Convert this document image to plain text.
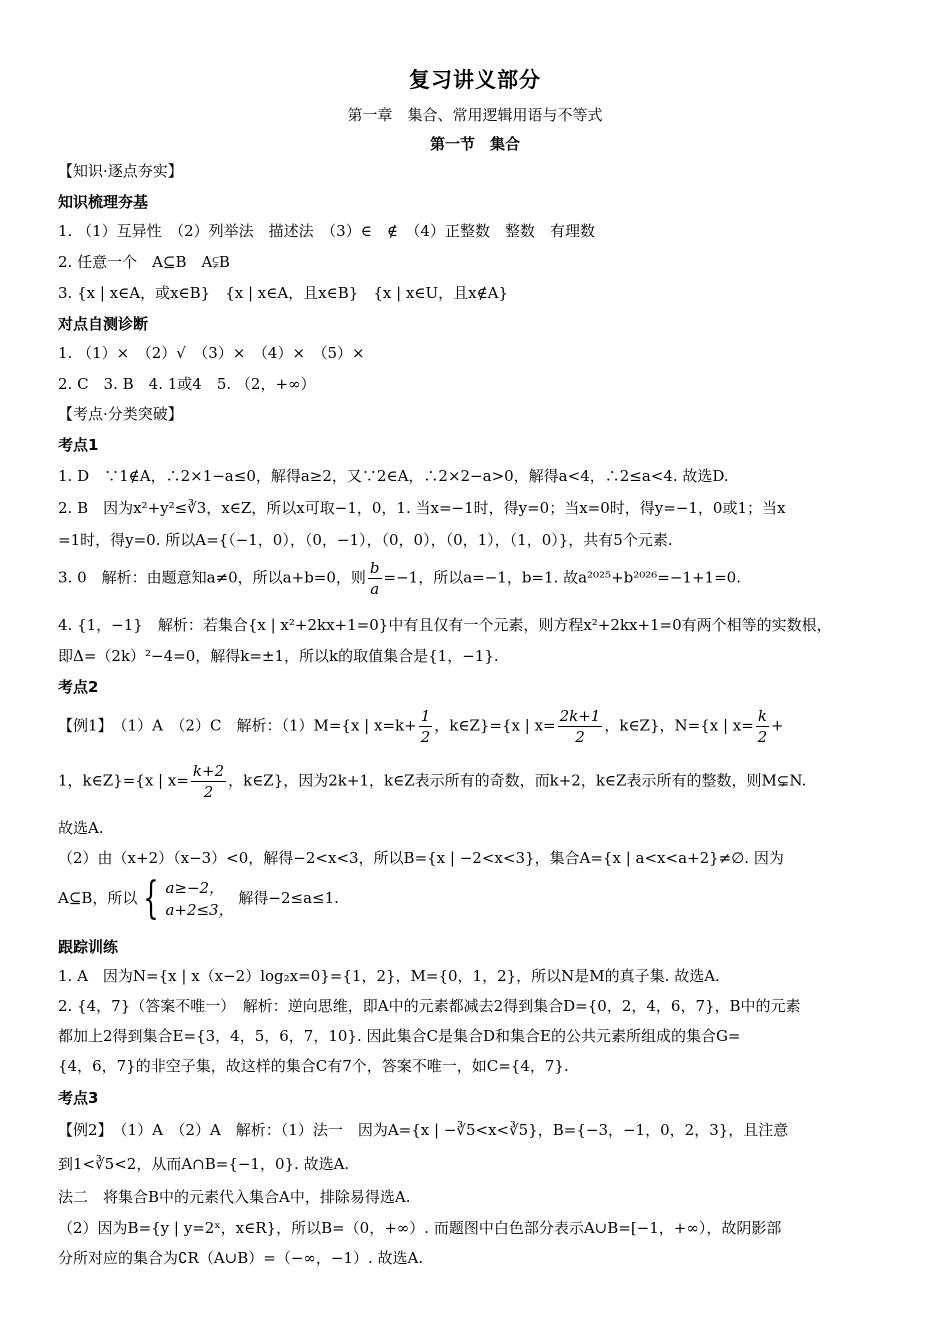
复习讲义部分
第一章　集合、常用逻辑用语与不等式
第一节　集合
【知识·逐点夯实】
知识梳理夯基
1. （1）互异性　（2）列举法　描述法　（3）∈　∉　（4）正整数　整数　有理数
2. 任意一个　A⊆B　A⫋B
3. {x | x∈A，或x∈B}　{x | x∈A，且x∈B}　{x | x∈U，且x∉A}
对点自测诊断
1. （1）×　（2）√　（3）×　（4）×　（5）×
2. C　3. B　4. 1或4　5. （2，+∞）
【考点·分类突破】
考点1
1. D　∵1∉A，∴2×1−a≤0，解得a≥2，又∵2∈A，∴2×2−a>0，解得a<4，∴2≤a<4. 故选D.
2. B　因为x²+y²≤∛3，x∈Z，所以x可取−1，0，1. 当x=−1时，得y=0；当x=0时，得y=−1，0或1；当x
=1时，得y=0. 所以A={（−1，0），（0，−1），（0，0），（0，1），（1，0）}，共有5个元素.
3. 0　解析：由题意知a≠0，所以a+b=0，则 $\frac{b}{a} =-1$，所以a=−1，b=1. 故a²⁰²⁵+b²⁰²⁶=−1+1=0.
4. {1，−1}　解析：若集合{x | x²+2kx+1=0}中有且仅有一个元素，则方程x²+2kx+1=0有两个相等的实数根，
即Δ=（2k）²−4=0，解得k=±1，所以k的取值集合是{1，−1}.
考点2
【例1】　（1）A　（2）C　解析：（1）M={x | $x=k+ \frac{1}{2}$ ，k∈Z}={x | $x= \frac{2k+1}{2}$ ，k∈Z}，N={x | $x= \frac{k}{2}$ +
1，k∈Z}={x | $x= \frac{k+2}{2}$ ，k∈Z}，因为2k+1，k∈Z表示所有的奇数，而k+2，k∈Z表示所有的整数，则M⊊N.
故选A.
（2）由（x+2）（x−3）<0，解得−2<x<3，所以B={x | −2<x<3}，集合A={x | a<x<a+2}≠∅. 因为
A⊆B，所以 { a≥−2，
a+2≤3，
解得−2≤a≤1.
跟踪训练
1. A　因为N={x | x（x−2）log₂x=0}={1，2}，M={0，1，2}，所以N是M的真子集. 故选A.
2. {4，7}（答案不唯一）　解析：逆向思维，即A中的元素都减去2得到集合D={0，2，4，6，7}，B中的元素
都加上2得到集合E={3，4，5，6，7，10}. 因此集合C是集合D和集合E的公共元素所组成的集合G=
{4，6，7}的非空子集，故这样的集合C有7个，答案不唯一，如C={4，7}.
考点3
【例2】　（1）A　（2）A　解析：（1）法一　因为A={x | −∛5<x<∛5}，B={−3，−1，0，2，3}，且注意
到1<∛5<2，从而A∩B={−1，0}. 故选A.
法二　将集合B中的元素代入集合A中，排除易得选A.
（2）因为B={y | y=2ˣ，x∈R}，所以B=（0，+∞）. 而题图中白色部分表示A∪B=[−1，+∞），故阴影部
分所对应的集合为∁R（A∪B）=（−∞，−1）. 故选A.
